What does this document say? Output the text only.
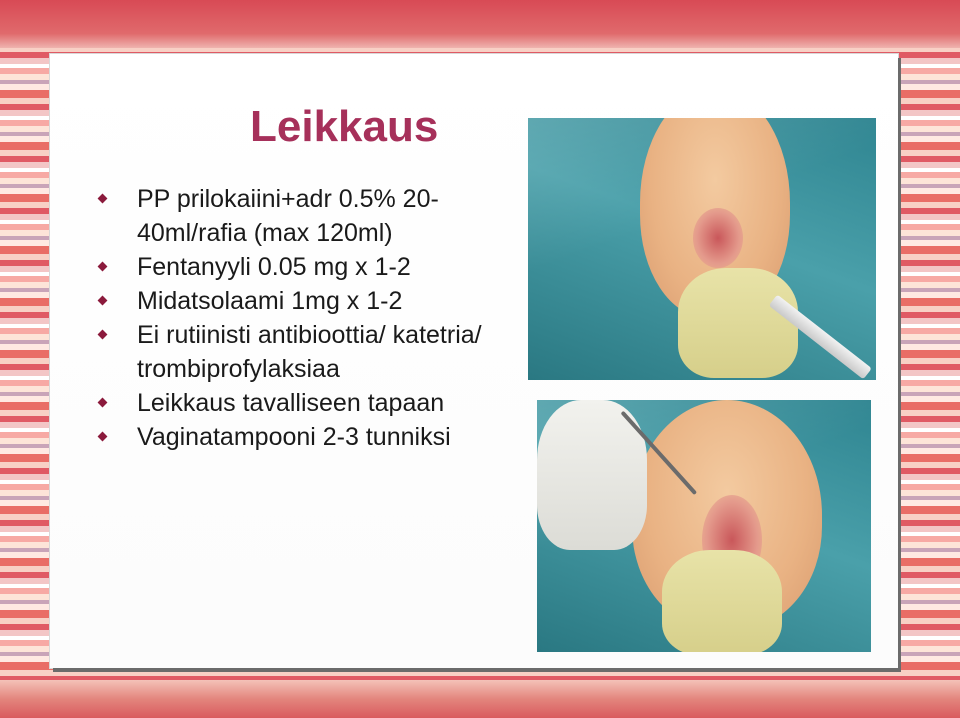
Leikkaus
PP prilokaiini+adr 0.5% 20-40ml/rafia (max 120ml)
Fentanyyli 0.05 mg x 1-2
Midatsolaami 1mg x 1-2
Ei rutiinisti antibioottia/ katetria/ trombiprofylaksiaa
Leikkaus tavalliseen tapaan
Vaginatampooni 2-3 tunniksi
